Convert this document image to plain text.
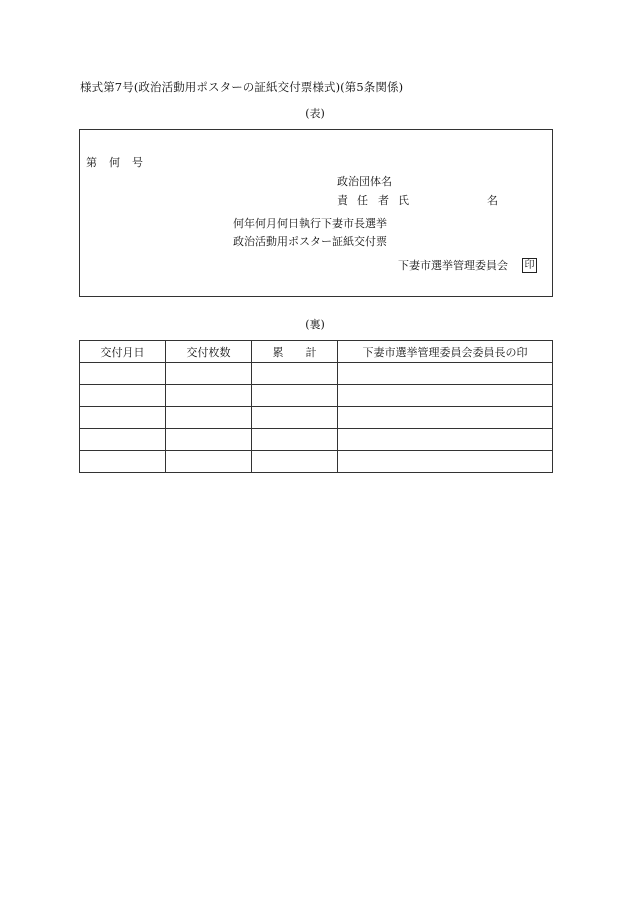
様式第7号(政治活動用ポスターの証紙交付票様式)(第5条関係)
(表)
第　何　号
政治団体名
責 任 者 氏	名
何年何月何日執行下妻市長選挙
政治活動用ポスター証紙交付票
下妻市選挙管理委員会 印
(裏)
交付月日	交付枚数	累　　計	下妻市選挙管理委員会委員長の印
